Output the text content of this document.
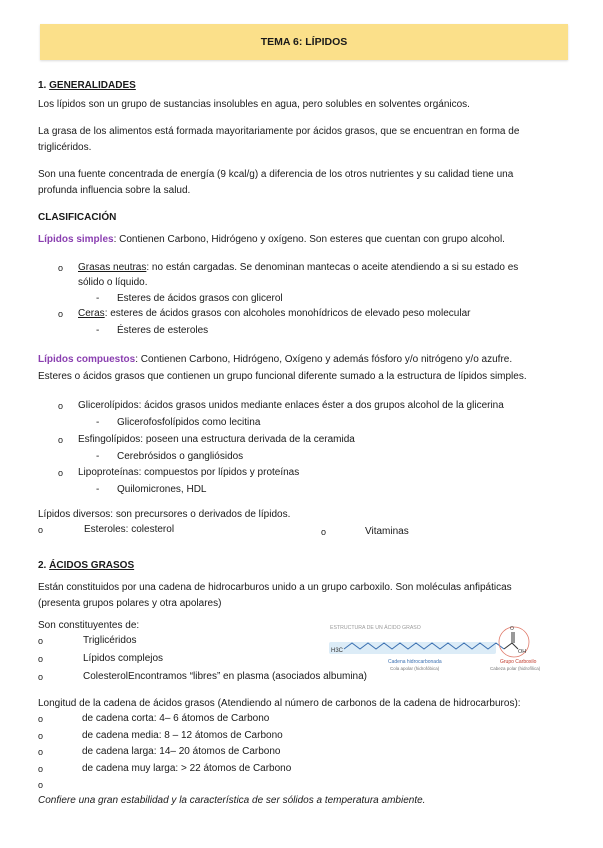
TEMA 6: LÍPIDOS
1. GENERALIDADES
Los lípidos son un grupo de sustancias insolubles en agua, pero solubles en solventes orgánicos.
La grasa de los alimentos está formada mayoritariamente por ácidos grasos, que se encuentran en forma de
triglicéridos.
Son una fuente concentrada de energía (9 kcal/g) a diferencia de los otros nutrientes y su calidad tiene una
profunda influencia sobre la salud.
CLASIFICACIÓN
Lípidos simples: Contienen Carbono, Hidrógeno y oxígeno. Son esteres que cuentan con grupo alcohol.
o Grasas neutras: no están cargadas. Se denominan mantecas o aceite atendiendo a si su estado es
sólido o líquido.
- Esteres de ácidos grasos con glicerol
o Ceras: esteres de ácidos grasos con alcoholes monohídricos de elevado peso molecular
- Ésteres de esteroles
Lípidos compuestos: Contienen Carbono, Hidrógeno, Oxígeno y además fósforo y/o nitrógeno y/o azufre.
Esteres o ácidos grasos que contienen un grupo funcional diferente sumado a la estructura de lípidos simples.
o Glicerolípidos: ácidos grasos unidos mediante enlaces éster a dos grupos alcohol de la glicerina
- Glicerofosfolípidos como lecitina
o Esfingolípidos: poseen una estructura derivada de la ceramida
- Cerebrósidos o gangliósidos
o Lipoproteínas: compuestos por lípidos y proteínas
- Quilomicrones, HDL
Lípidos diversos: son precursores o derivados de lípidos.
o	Esteroles: colesterol	o	Vitaminas
2. ÁCIDOS GRASOS
Están constituidos por una cadena de hidrocarburos unido a un grupo carboxilo. Son moléculas anfipáticas
(presenta grupos polares y otra apolares)
Son constituyentes de:
o	Triglicéridos
o	Lípidos complejos
o	ColesterolEncontramos “libres” en plasma (asociados albumina)
ESTRUCTURA DE UN ÁCIDO GRASO
H3C
O
OH
Cadena hidrocarbonada
Cola apolar (hidrofóbica)
Grupo Carboxilo
Cabeza polar (hidrofílica)
Longitud de la cadena de ácidos grasos (Atendiendo al número de carbonos de la cadena de hidrocarburos):
o	de cadena corta: 4– 6 átomos de Carbono
o	de cadena media: 8 – 12 átomos de Carbono
o	de cadena larga: 14– 20 átomos de Carbono
o	de cadena muy larga: > 22 átomos de Carbono
o
Confiere una gran estabilidad y la característica de ser sólidos a temperatura ambiente.
